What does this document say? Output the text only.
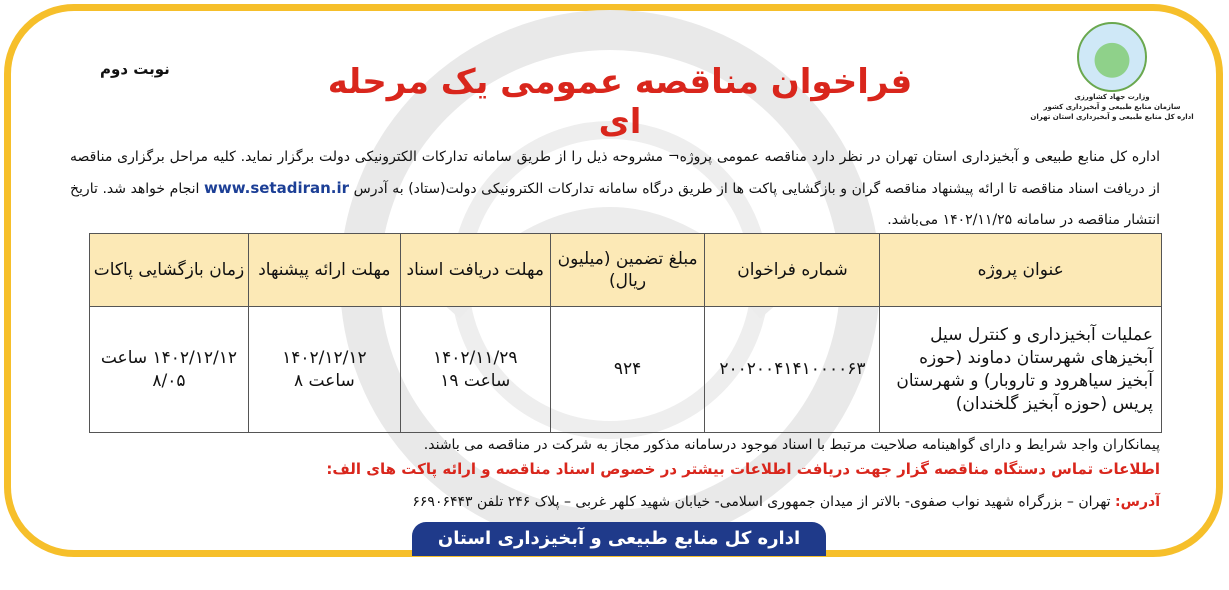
وزارت جهاد کشاورزی
سازمان منابع طبیعی و آبخیزداری کشور
اداره کل منابع طبیعی و آبخیزداری استان تهران
نوبت دوم	فراخوان مناقصه عمومی یک مرحله ای
اداره کل منابع طبیعی و آبخیزداری استان تهران در نظر دارد مناقصه عمومی پروژه¬ مشروحه ذیل را از طریق سامانه تدارکات الکترونیکی دولت برگزار نماید. کلیه مراحل برگزاری مناقصه از دریافت اسناد مناقصه تا ارائه پیشنهاد مناقصه گران و بازگشایی پاکت ها از طریق درگاه سامانه تدارکات الکترونیکی دولت(ستاد) به آدرس www.setadiran.ir انجام خواهد شد. تاریخ انتشار مناقصه در سامانه ۱۴۰۲/۱۱/۲۵ می‌باشد.
عنوان پروژه	شماره فراخوان	مبلغ تضمین (میلیون ریال)	مهلت دریافت اسناد	مهلت ارائه پیشنهاد	زمان بازگشایی پاکات
عملیات آبخیزداری و کنترل سیل آبخیزهای شهرستان دماوند (حوزه آبخیز سیاهرود و تاروبار) و شهرستان پریس (حوزه آبخیز گلخندان)	۲۰۰۲۰۰۴۱۴۱۰۰۰۰۶۳	۹۲۴	۱۴۰۲/۱۱/۲۹ ساعت ۱۹	۱۴۰۲/۱۲/۱۲ ساعت ۸	۱۴۰۲/۱۲/۱۲ ساعت ۸/۰۵
پیمانکاران واجد شرایط و دارای گواهینامه صلاحیت مرتبط با اسناد موجود درسامانه مذکور مجاز به شرکت در مناقصه می باشند.
اطلاعات تماس دستگاه مناقصه گزار جهت دریافت اطلاعات بیشتر در خصوص اسناد مناقصه و ارائه پاکت های الف:
آدرس: تهران – بزرگراه شهید نواب صفوی- بالاتر از میدان جمهوری اسلامی- خیابان شهید کلهر غربی – پلاک ۲۴۶ تلفن ۶۶۹۰۶۴۴۳
اداره کل منابع طبیعی و آبخیزداری استان تهران
